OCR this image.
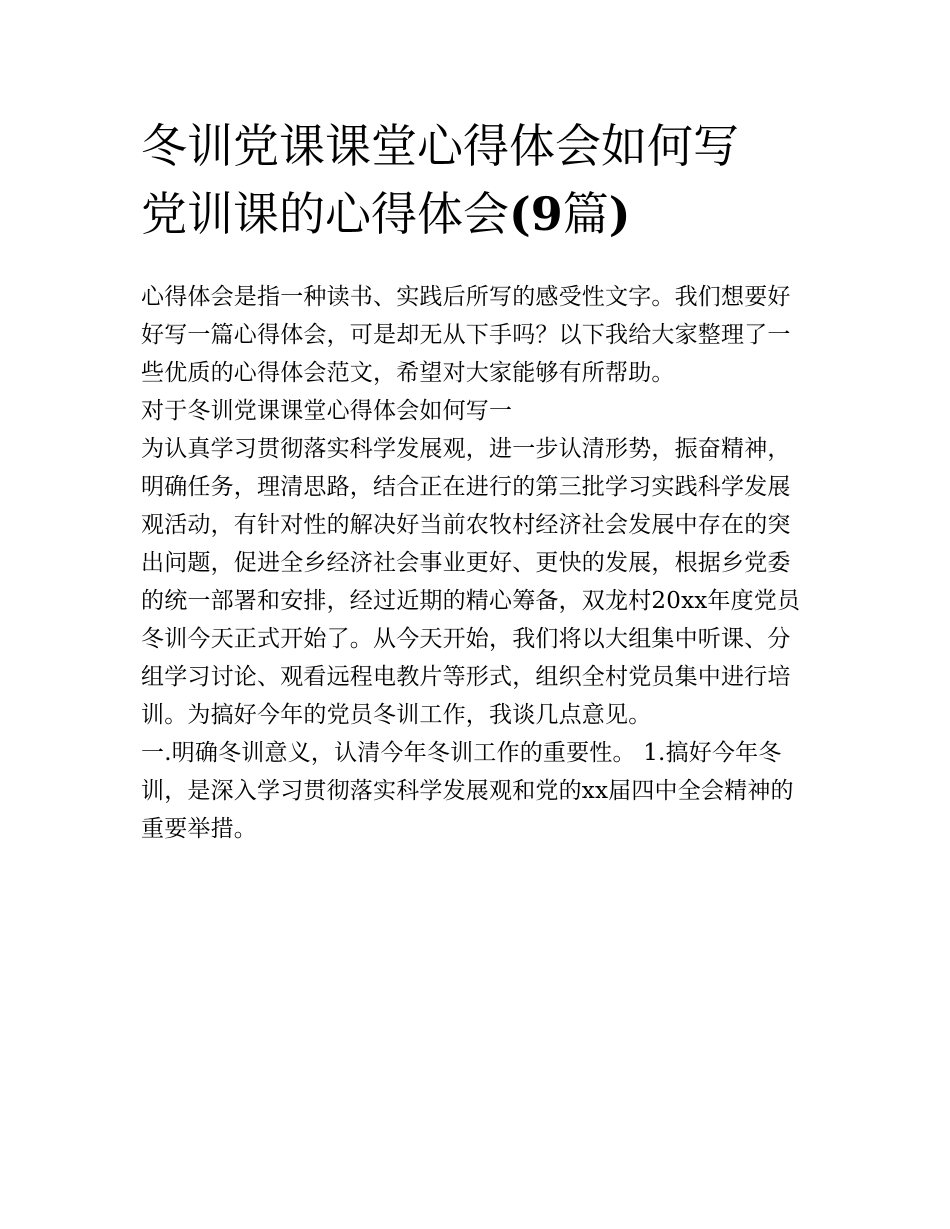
冬训党课课堂心得体会如何写
党训课的心得体会(9篇)

心得体会是指一种读书、实践后所写的感受性文字。我们想要好好写一篇心得体会，可是却无从下手吗？以下我给大家整理了一些优质的心得体会范文，希望对大家能够有所帮助。

对于冬训党课课堂心得体会如何写一

为认真学习贯彻落实科学发展观，进一步认清形势，振奋精神，明确任务，理清思路，结合正在进行的第三批学习实践科学发展观活动，有针对性的解决好当前农牧村经济社会发展中存在的突出问题，促进全乡经济社会事业更好、更快的发展，根据乡党委的统一部署和安排，经过近期的精心筹备，双龙村20xx年度党员冬训今天正式开始了。从今天开始，我们将以大组集中听课、分组学习讨论、观看远程电教片等形式，组织全村党员集中进行培训。为搞好今年的党员冬训工作，我谈几点意见。

一.明确冬训意义，认清今年冬训工作的重要性。 1.搞好今年冬训，是深入学习贯彻落实科学发展观和党的xx届四中全会精神的重要举措。
